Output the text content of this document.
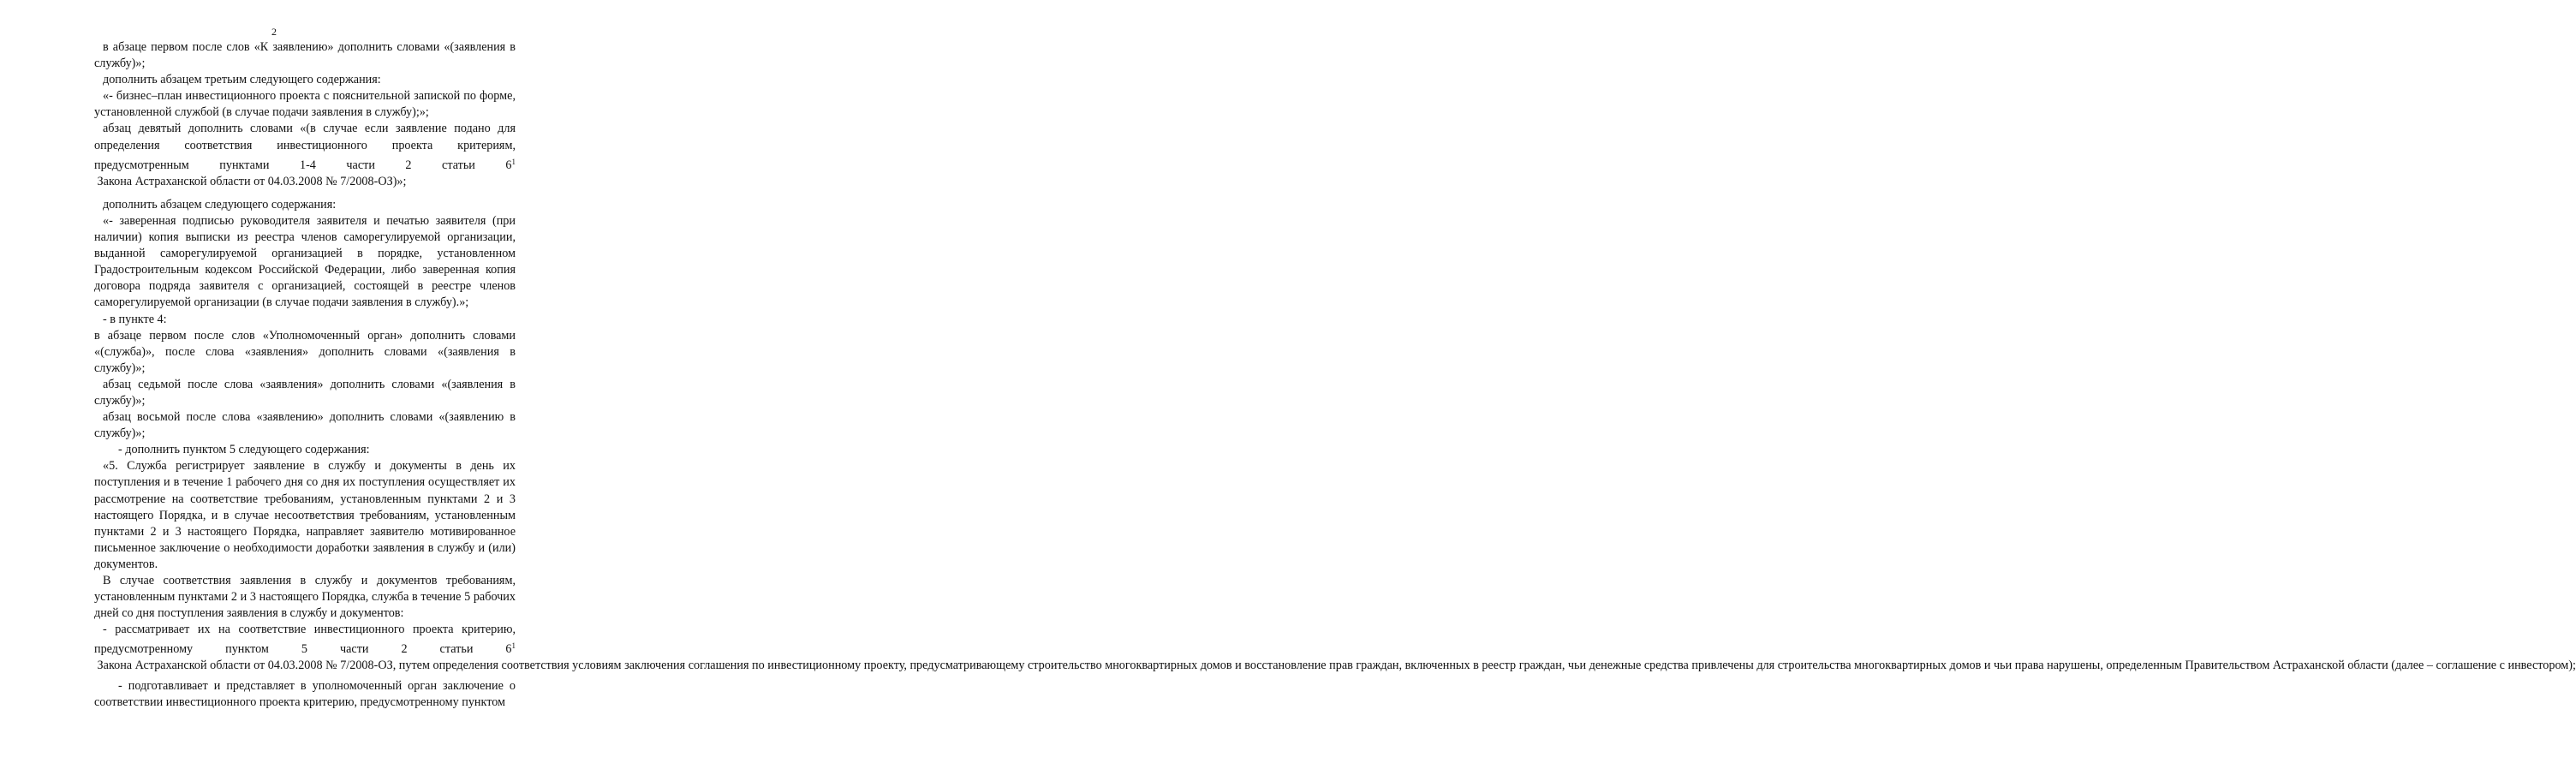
2

в абзаце первом после слов «К заявлению» дополнить словами «(заявления в службу)»;

дополнить абзацем третьим следующего содержания:

«- бизнес–план инвестиционного проекта с пояснительной запиской по форме, установленной службой (в случае подачи заявления в службу);»;

абзац девятый дополнить словами «(в случае если заявление подано для определения соответствия инвестиционного проекта критериям, предусмотренным пунктами 1-4 части 2 статьи $6^1$ Закона Астраханской области от 04.03.2008 № 7/2008-ОЗ)»;

дополнить абзацем следующего содержания:

«- заверенная подписью руководителя заявителя и печатью заявителя (при наличии) копия выписки из реестра членов саморегулируемой организации, выданной саморегулируемой организацией в порядке, установленном Градостроительным кодексом Российской Федерации, либо заверенная копия договора подряда заявителя с организацией, состоящей в реестре членов саморегулируемой организации (в случае подачи заявления в службу).»;

- в пункте 4:

в абзаце первом после слов «Уполномоченный орган» дополнить словами «(служба)», после слова «заявления» дополнить словами «(заявления в службу)»;

абзац седьмой после слова «заявления» дополнить словами «(заявления в службу)»;

абзац восьмой после слова «заявлению» дополнить словами «(заявлению в службу)»;

- дополнить пунктом 5 следующего содержания:

«5. Служба регистрирует заявление в службу и документы в день их поступления и в течение 1 рабочего дня со дня их поступления осуществляет их рассмотрение на соответствие требованиям, установленным пунктами 2 и 3 настоящего Порядка, и в случае несоответствия требованиям, установленным пунктами 2 и 3 настоящего Порядка, направляет заявителю мотивированное письменное заключение о необходимости доработки заявления в службу и (или) документов.

В случае соответствия заявления в службу и документов требованиям, установленным пунктами 2 и 3 настоящего Порядка, служба в течение 5 рабочих дней со дня поступления заявления в службу и документов:

- рассматривает их на соответствие инвестиционного проекта критерию, предусмотренному пунктом 5 части 2 статьи $6^1$ Закона Астраханской области от 04.03.2008 № 7/2008-ОЗ, путем определения соответствия условиям заключения соглашения по инвестиционному проекту, предусматривающему строительство многоквартирных домов и восстановление прав граждан, включенных в реестр граждан, чьи денежные средства привлечены для строительства многоквартирных домов и чьи права нарушены, определенным Правительством Астраханской области (далее – соглашение с инвестором);

- подготавливает и представляет в уполномоченный орган заключение о соответствии инвестиционного проекта критерию, предусмотренному пунктом
